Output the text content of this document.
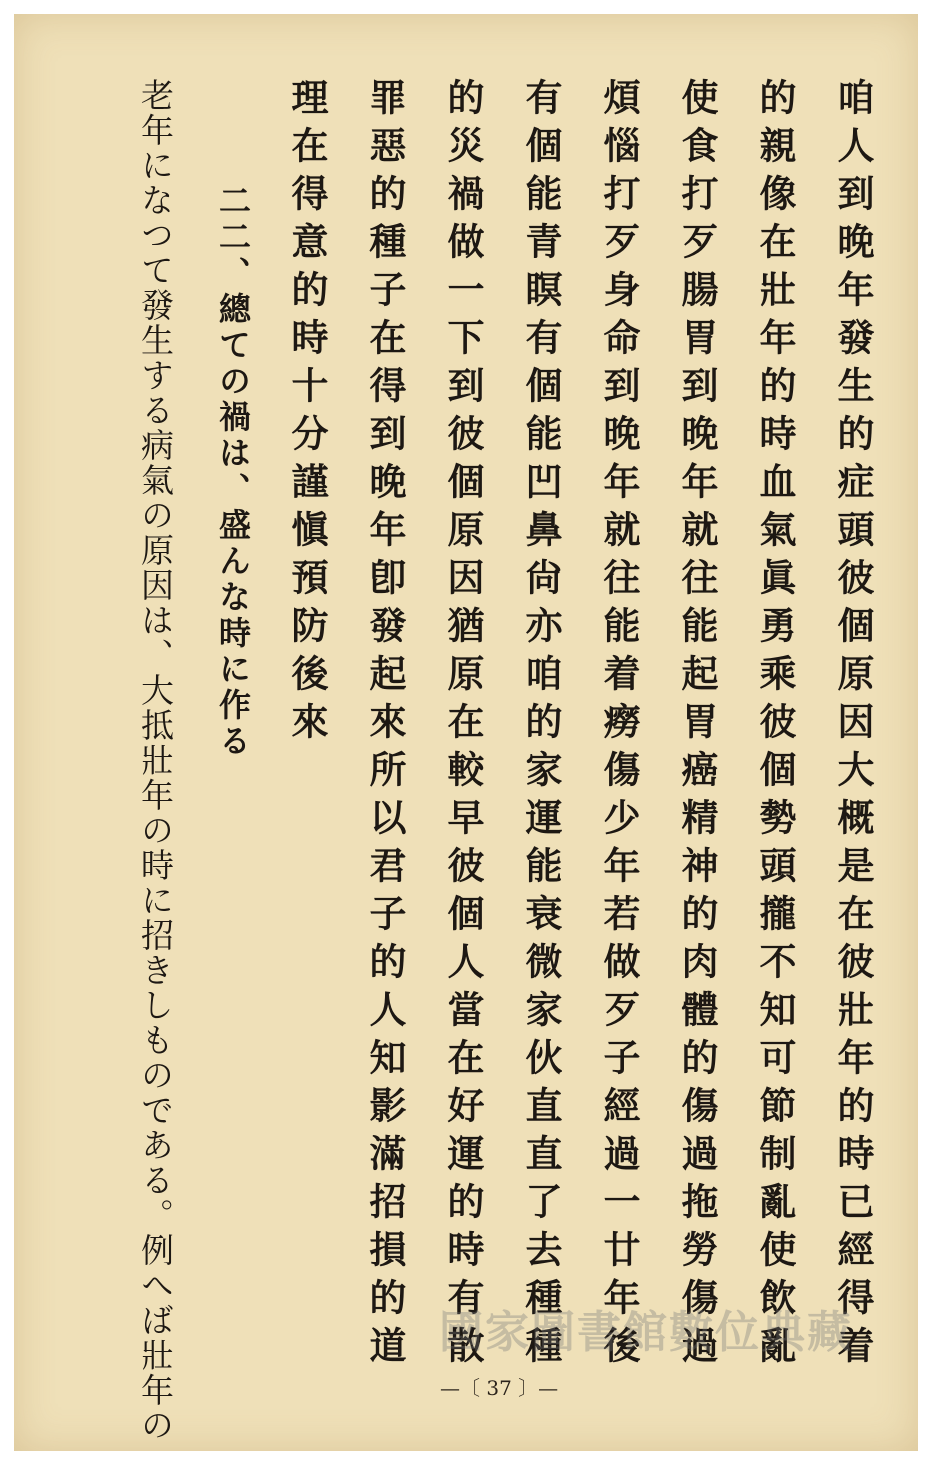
咱人到晚年發生的症頭彼個原因大概是在彼壯年的時已經得着
的親像在壯年的時血氣眞勇乘彼個勢頭攏不知可節制亂使飲亂
使食打歹腸胃到晚年就往能起胃癌精神的肉體的傷過拖勞傷過
煩惱打歹身命到晚年就往能着癆傷少年若做歹子經過一廿年後
有個能青瞑有個能凹鼻尙亦咱的家運能衰微家伙直直了去種種
的災禍做一下到彼個原因猶原在較早彼個人當在好運的時有散
罪惡的種子在得到晚年卽發起來所以君子的人知影滿招損的道
理在得意的時十分謹愼預防後來
二二、總ての禍は、盛んな時に作る
老年になつて發生する病氣の原因は、大抵壯年の時に招きしものである。例へば壯年の	國家圖書館數位典藏
—〔 37 〕—
